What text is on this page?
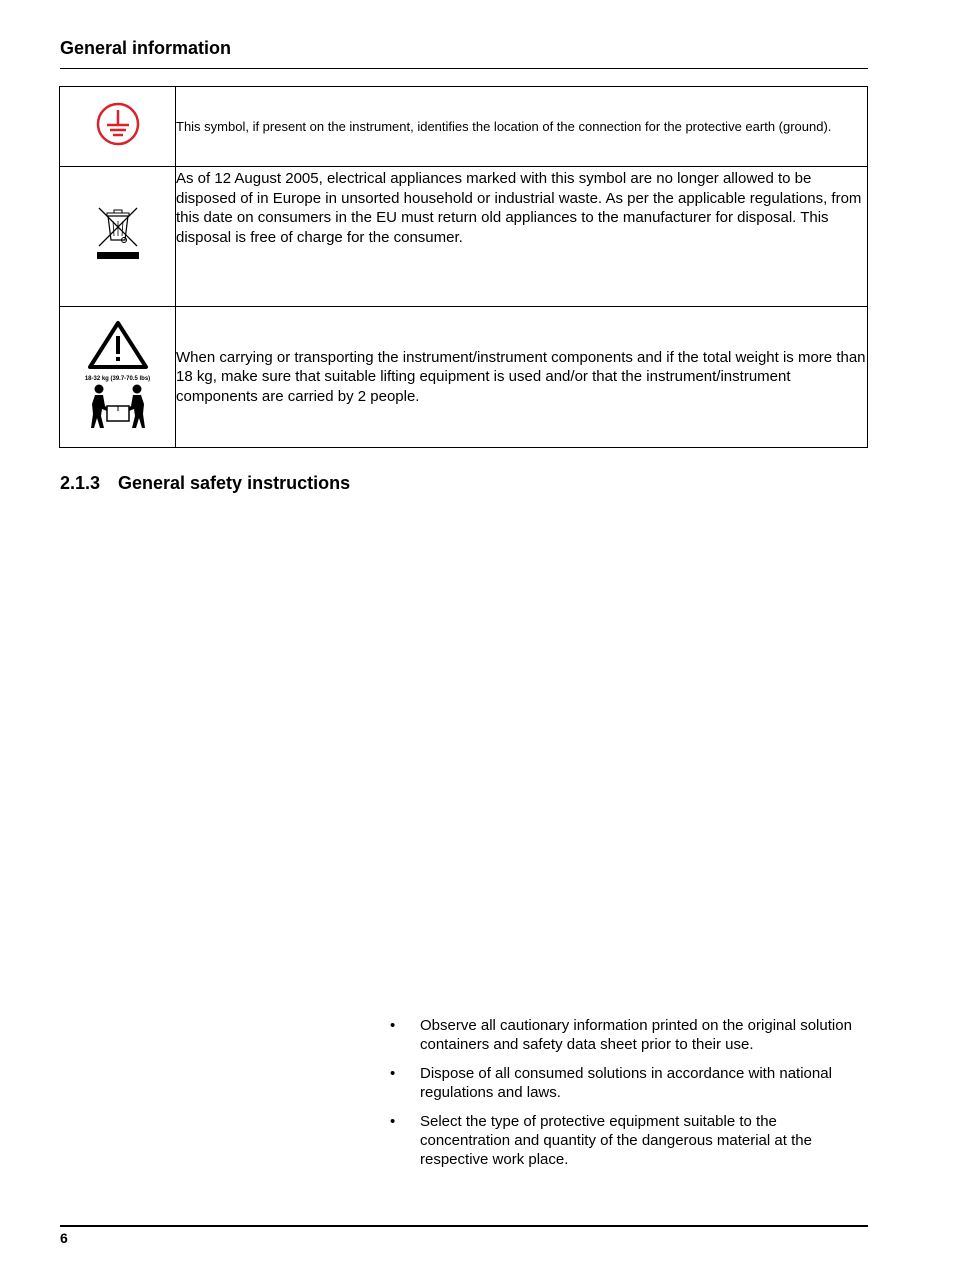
General information
	This symbol, if present on the instrument, identifies the location of the connection for the protective earth (ground).
	As of 12 August 2005, electrical appliances marked with this symbol are no longer allowed to be disposed of in Europe in unsorted household or industrial waste. As per the applicable regulations, from this date on consumers in the EU must return old appliances to the manufacturer for disposal. This disposal is free of charge for the consumer.

18-32 kg (39.7-70.5 lbs)	When carrying or transporting the instrument/instrument components and if the total weight is more than 18 kg, make sure that suitable lifting equipment is used and/or that the instrument/instrument components are carried by 2 people.
2.1.3 General safety instructions
•	Observe all cautionary information printed on the original solution containers and safety data sheet prior to their use.
•	Dispose of all consumed solutions in accordance with national regulations and laws.
•	Select the type of protective equipment suitable to the concentration and quantity of the dangerous material at the respective work place.
6
